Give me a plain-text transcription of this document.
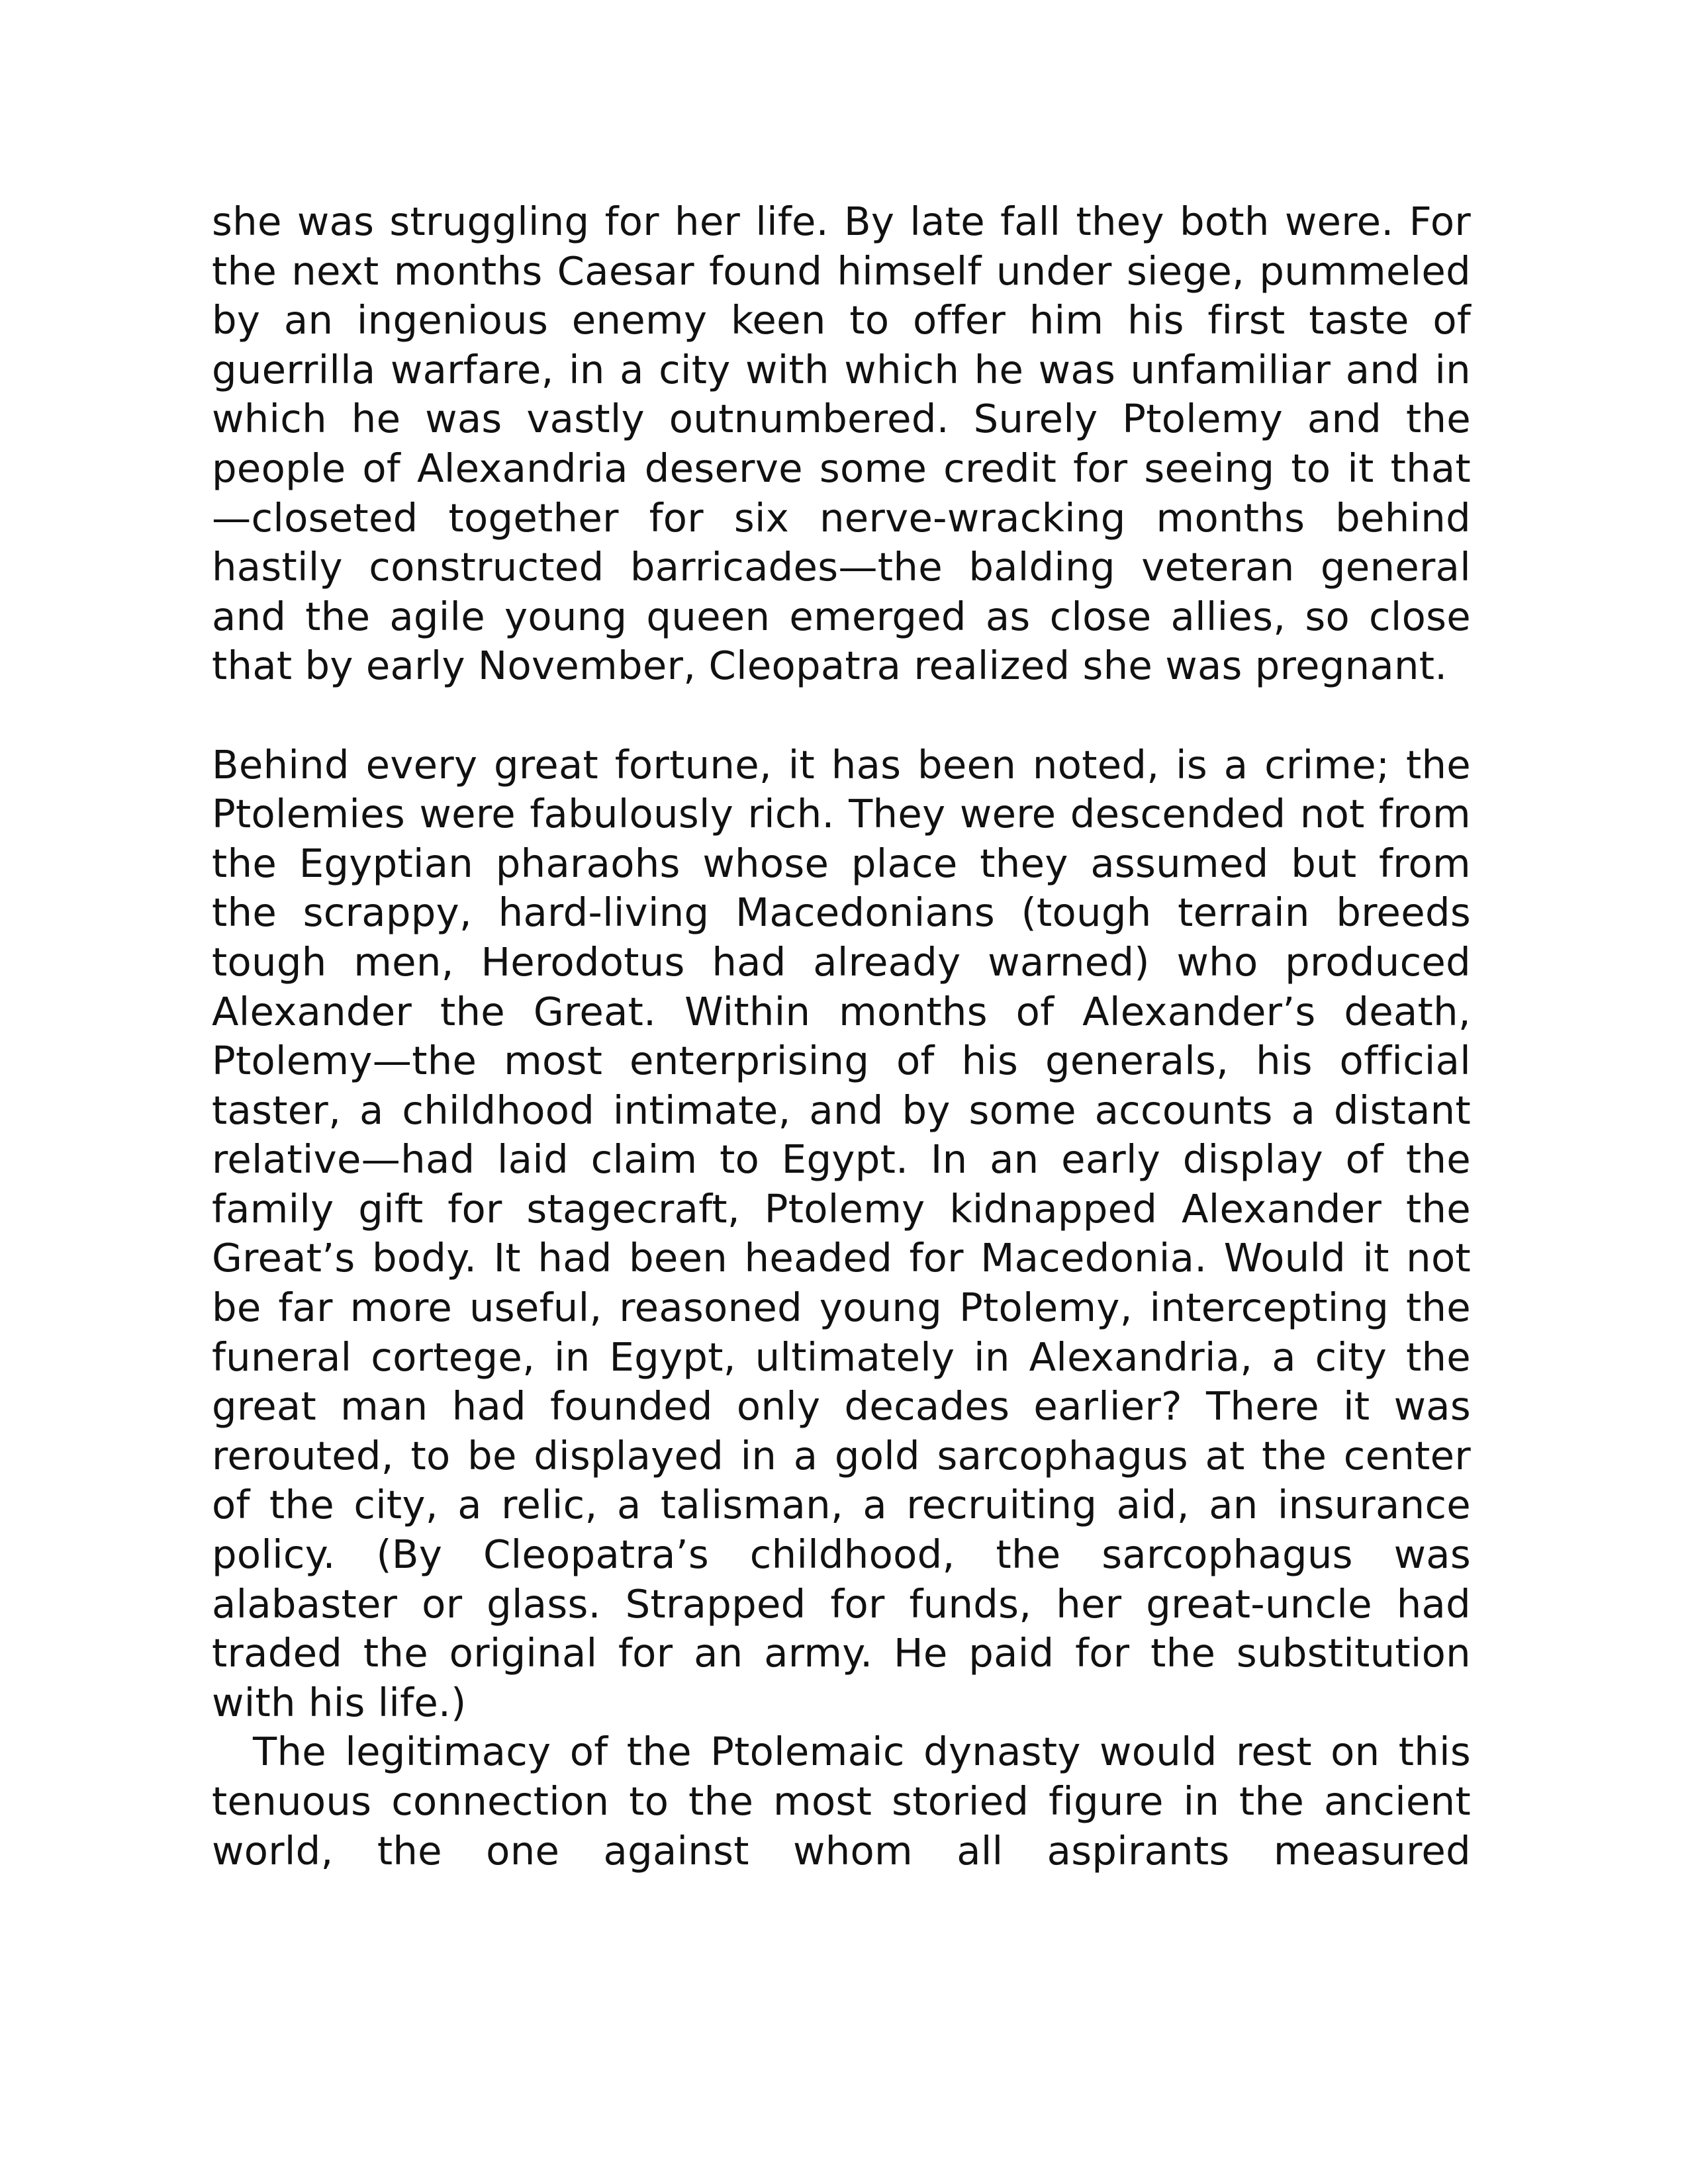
she was struggling for her life. By late fall they both were. For the next months Caesar found himself under siege, pummeled by an ingenious enemy keen to offer him his first taste of guerrilla warfare, in a city with which he was unfamiliar and in which he was vastly outnumbered. Surely Ptolemy and the people of Alexandria deserve some credit for seeing to it that—closeted together for six nerve-wracking months behind hastily constructed barricades—the balding veteran general and the agile young queen emerged as close allies, so close that by early November, Cleopatra realized she was pregnant.

Behind every great fortune, it has been noted, is a crime; the Ptolemies were fabulously rich. They were descended not from the Egyptian pharaohs whose place they assumed but from the scrappy, hard-living Macedonians (tough terrain breeds tough men, Herodotus had already warned) who produced Alexander the Great. Within months of Alexander’s death, Ptolemy—the most enterprising of his generals, his official taster, a childhood intimate, and by some accounts a distant relative—had laid claim to Egypt. In an early display of the family gift for stagecraft, Ptolemy kidnapped Alexander the Great’s body. It had been headed for Macedonia. Would it not be far more useful, reasoned young Ptolemy, intercepting the funeral cortege, in Egypt, ultimately in Alexandria, a city the great man had founded only decades earlier? There it was rerouted, to be displayed in a gold sarcophagus at the center of the city, a relic, a talisman, a recruiting aid, an insurance policy. (By Cleopatra’s childhood, the sarcophagus was alabaster or glass. Strapped for funds, her great-uncle had traded the original for an army. He paid for the substitution with his life.)

The legitimacy of the Ptolemaic dynasty would rest on this tenuous connection to the most storied figure in the ancient world, the one against whom all aspirants measured
